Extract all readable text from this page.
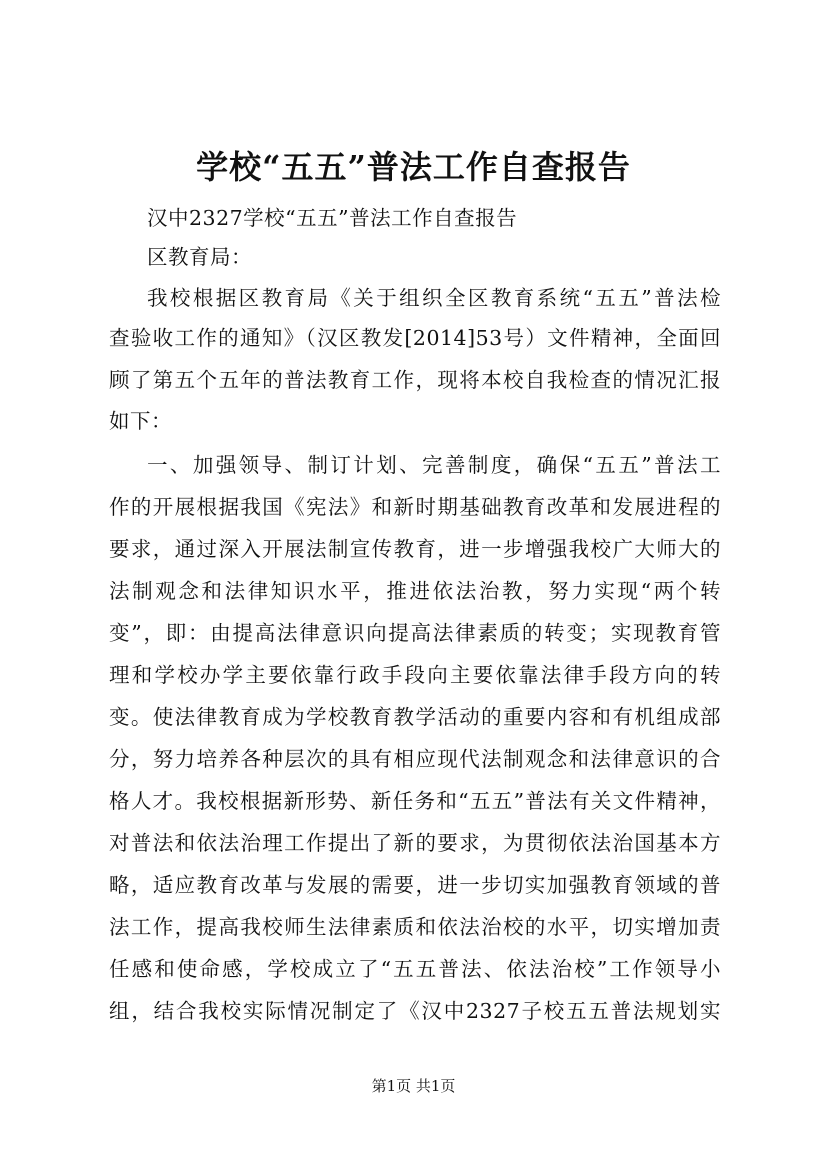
学校“五五”普法工作自查报告
汉中2327学校“五五”普法工作自查报告
区教育局：
我校根据区教育局《关于组织全区教育系统“五五”普法检
查验收工作的通知》（汉区教发[2014]53号）文件精神，全面回
顾了第五个五年的普法教育工作，现将本校自我检查的情况汇报
如下：
一、加强领导、制订计划、完善制度，确保“五五”普法工
作的开展根据我国《宪法》和新时期基础教育改革和发展进程的
要求，通过深入开展法制宣传教育，进一步增强我校广大师大的
法制观念和法律知识水平，推进依法治教，努力实现“两个转
变”，即：由提高法律意识向提高法律素质的转变；实现教育管
理和学校办学主要依靠行政手段向主要依靠法律手段方向的转
变。使法律教育成为学校教育教学活动的重要内容和有机组成部
分，努力培养各种层次的具有相应现代法制观念和法律意识的合
格人才。我校根据新形势、新任务和“五五”普法有关文件精神，
对普法和依法治理工作提出了新的要求，为贯彻依法治国基本方
略，适应教育改革与发展的需要，进一步切实加强教育领域的普
法工作，提高我校师生法律素质和依法治校的水平，切实增加责
任感和使命感，学校成立了“五五普法、依法治校”工作领导小
组，结合我校实际情况制定了《汉中2327子校五五普法规划实
第1页 共1页
